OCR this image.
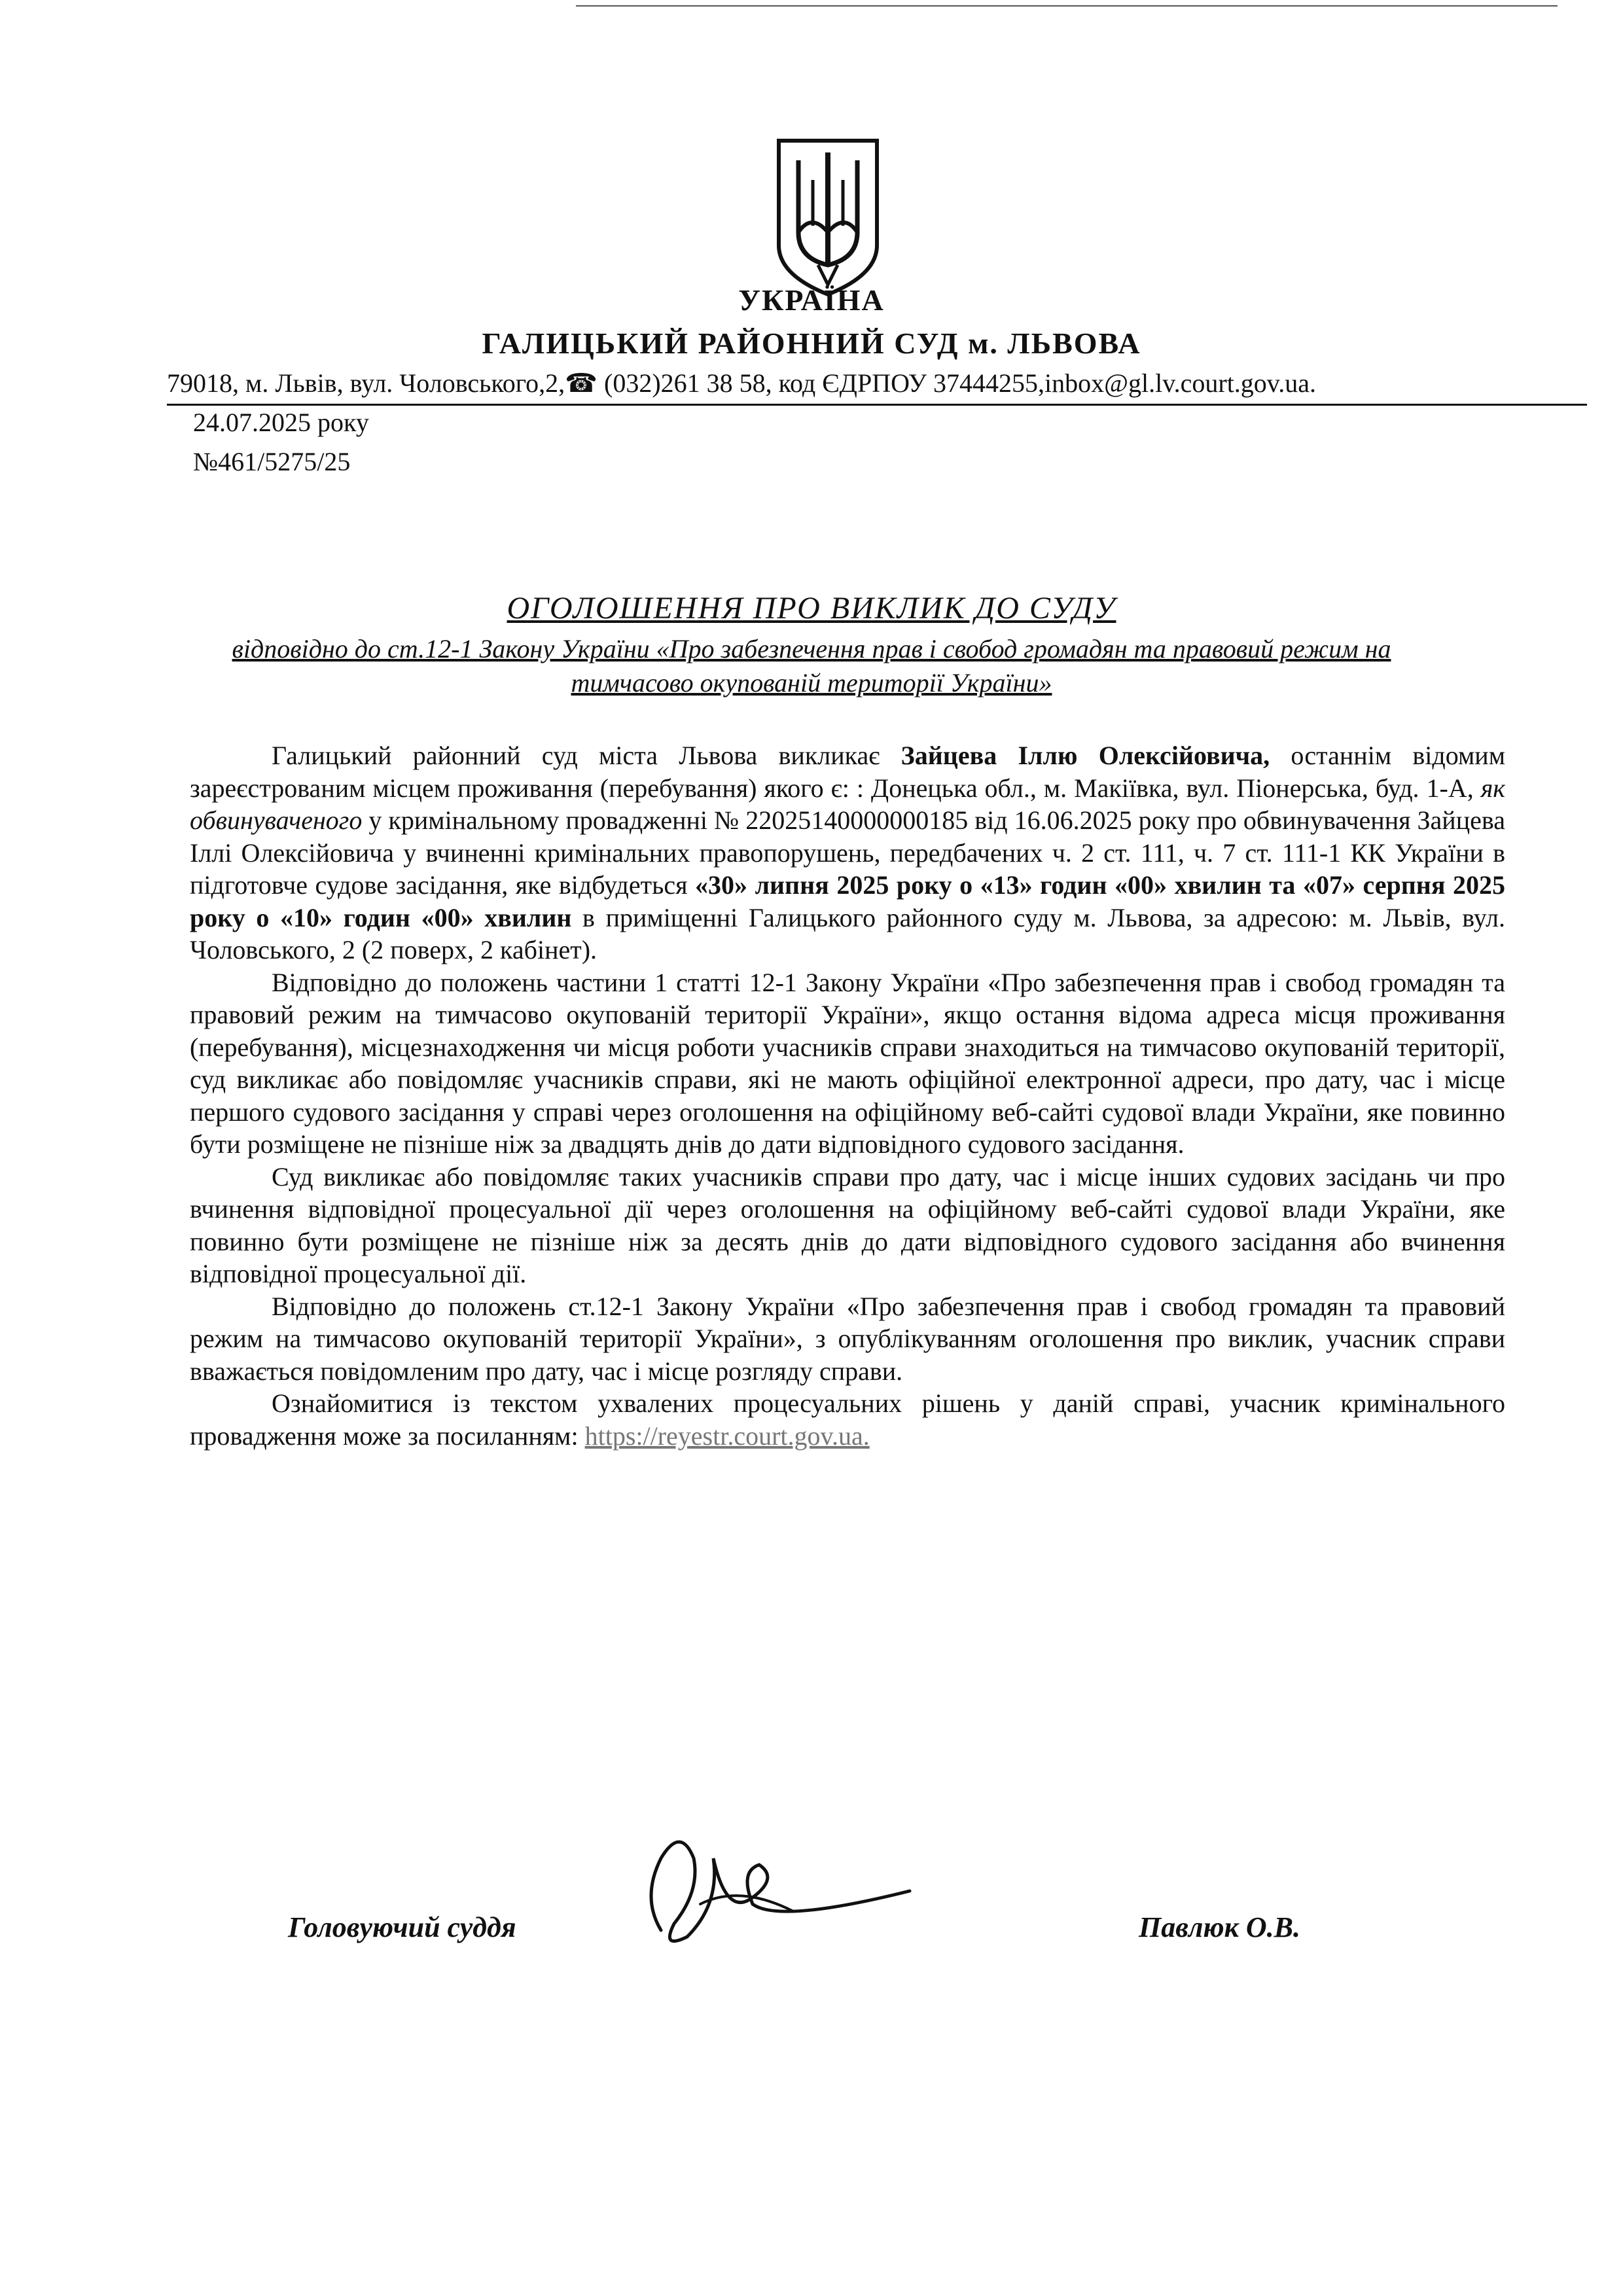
УКРАЇНА
ГАЛИЦЬКИЙ РАЙОННИЙ СУД м. ЛЬВОВА
79018, м. Львів, вул. Чоловського,2,☎ (032)261 38 58, код ЄДРПОУ 37444255,inbox@gl.lv.court.gov.ua.
24.07.2025 року
№461/5275/25
ОГОЛОШЕННЯ ПРО ВИКЛИК ДО СУДУ
відповідно до ст.12-1 Закону України «Про забезпечення прав і свобод громадян та правовий режим на тимчасово окупованій території України»

Галицький районний суд міста Львова викликає Зайцева Іллю Олексійовича, останнім відомим зареєстрованим місцем проживання (перебування) якого є: : Донецька обл., м. Макіївка, вул. Піонерська, буд. 1-А, як обвинуваченого у кримінальному провадженні № 22025140000000185 від 16.06.2025 року про обвинувачення Зайцева Іллі Олексійовича у вчиненні кримінальних правопорушень, передбачених ч. 2 ст. 111, ч. 7 ст. 111-1 КК України в підготовче судове засідання, яке відбудеться «30» липня 2025 року о «13» годин «00» хвилин та «07» серпня 2025 року о «10» годин «00» хвилин в приміщенні Галицького районного суду м. Львова, за адресою: м. Львів, вул. Чоловського, 2 (2 поверх, 2 кабінет).

Відповідно до положень частини 1 статті 12-1 Закону України «Про забезпечення прав і свобод громадян та правовий режим на тимчасово окупованій території України», якщо остання відома адреса місця проживання (перебування), місцезнаходження чи місця роботи учасників справи знаходиться на тимчасово окупованій території, суд викликає або повідомляє учасників справи, які не мають офіційної електронної адреси, про дату, час і місце першого судового засідання у справі через оголошення на офіційному веб-сайті судової влади України, яке повинно бути розміщене не пізніше ніж за двадцять днів до дати відповідного судового засідання.

Суд викликає або повідомляє таких учасників справи про дату, час і місце інших судових засідань чи про вчинення відповідної процесуальної дії через оголошення на офіційному веб-сайті судової влади України, яке повинно бути розміщене не пізніше ніж за десять днів до дати відповідного судового засідання або вчинення відповідної процесуальної дії.

Відповідно до положень ст.12-1 Закону України «Про забезпечення прав і свобод громадян та правовий режим на тимчасово окупованій території України», з опублікуванням оголошення про виклик, учасник справи вважається повідомленим про дату, час і місце розгляду справи.

Ознайомитися із текстом ухвалених процесуальних рішень у даній справі, учасник кримінального провадження може за посиланням: https://reyestr.court.gov.ua.

Головуючий суддя	Павлюк О.В.
